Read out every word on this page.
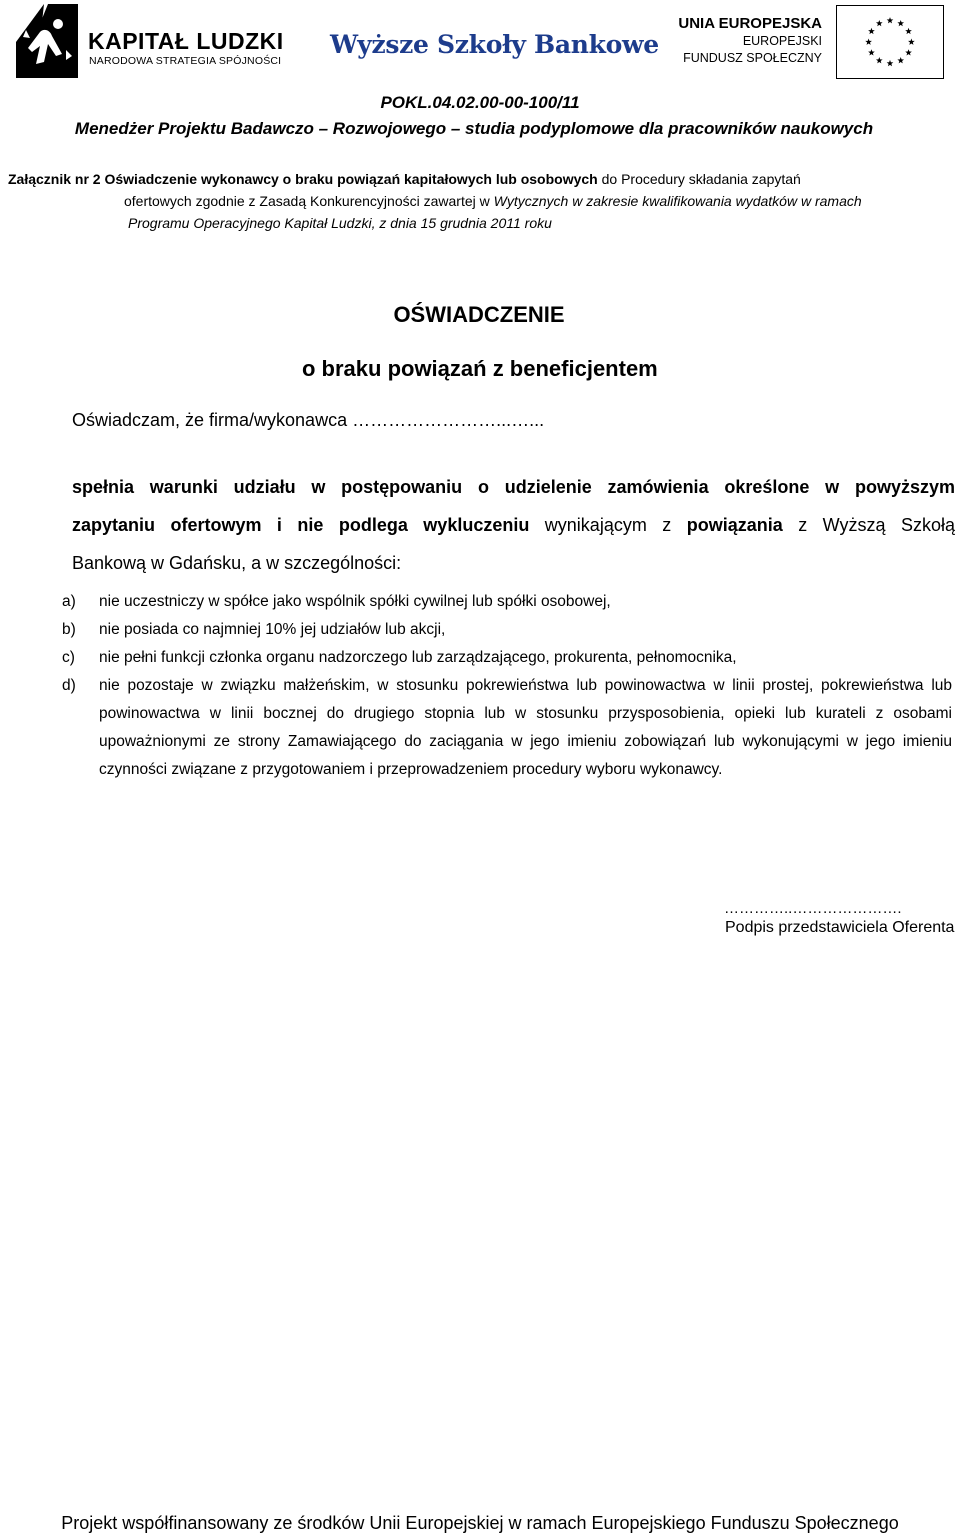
KAPITAŁ LUDZKI
NARODOWA STRATEGIA SPÓJNOŚCI
Wyższe Szkoły Bankowe
UNIA EUROPEJSKA
EUROPEJSKI
FUNDUSZ SPOŁECZNY
POKL.04.02.00-00-100/11
Menedżer Projektu Badawczo – Rozwojowego – studia podyplomowe dla pracowników naukowych
Załącznik nr 2 Oświadczenie wykonawcy o braku powiązań kapitałowych lub osobowych do Procedury składania zapytań
ofertowych zgodnie z Zasadą Konkurencyjności zawartej w Wytycznych w zakresie kwalifikowania wydatków w ramach
Programu Operacyjnego Kapitał Ludzki, z dnia 15 grudnia 2011 roku
OŚWIADCZENIE
o braku powiązań z beneficjentem
Oświadczam, że firma/wykonawca ……………………...…...
spełnia warunki udziału w postępowaniu o udzielenie zamówienia określone w powyższym
zapytaniu ofertowym i nie podlega wykluczeniu wynikającym z powiązania z Wyższą Szkołą
Bankową w Gdańsku, a w szczególności:
a)	nie uczestniczy w spółce jako wspólnik spółki cywilnej lub spółki osobowej,
b)	nie posiada co najmniej 10% jej udziałów lub akcji,
c)	nie pełni funkcji członka organu nadzorczego lub zarządzającego, prokurenta, pełnomocnika,
d)	nie pozostaje w związku małżeńskim, w stosunku pokrewieństwa lub powinowactwa w linii prostej, pokrewieństwa lub powinowactwa w linii bocznej do drugiego stopnia lub w stosunku przysposobienia, opieki lub kurateli z osobami upoważnionymi ze strony Zamawiającego do zaciągania w jego imieniu zobowiązań lub wykonującymi w jego imieniu czynności związane z przygotowaniem i przeprowadzeniem procedury wyboru wykonawcy.
…………..………………….
Podpis przedstawiciela Oferenta
Projekt współfinansowany ze środków Unii Europejskiej w ramach Europejskiego Funduszu Społecznego
